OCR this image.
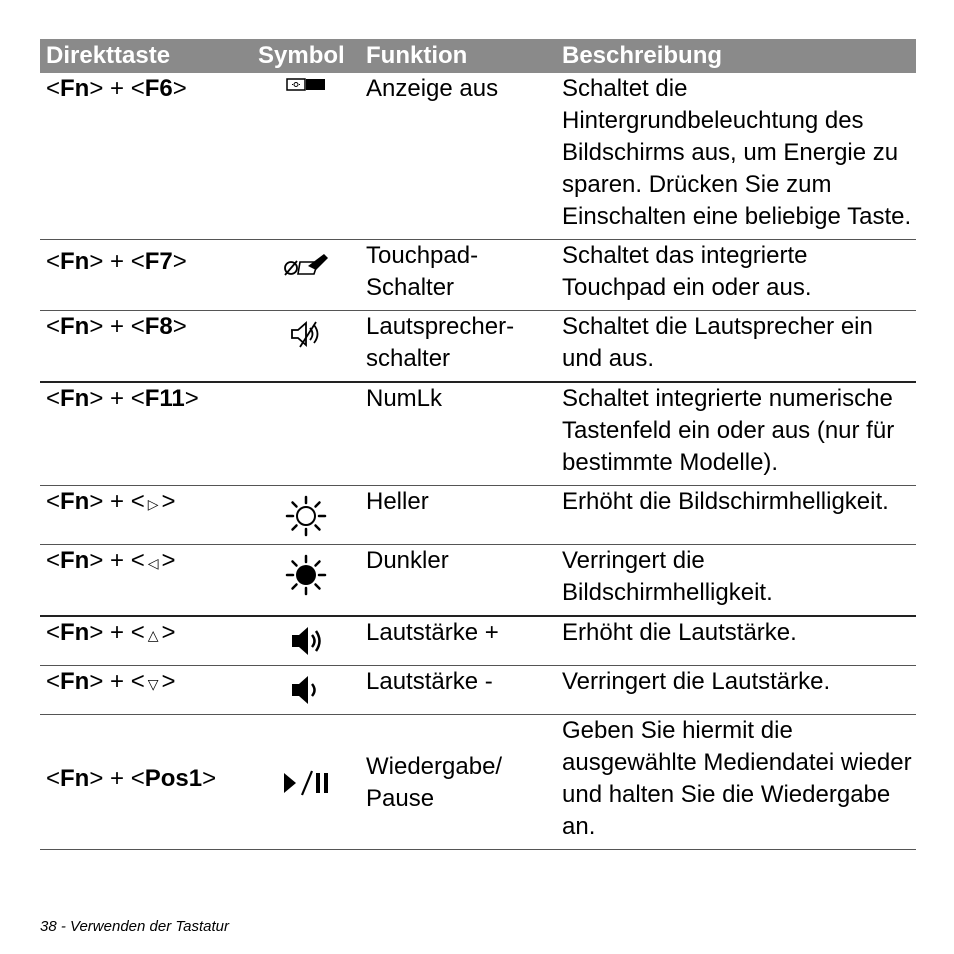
Direkttaste	Symbol	Funktion	Beschreibung
<Fn> + <F6>		Anzeige aus	Schaltet die Hintergrundbeleuchtung des Bildschirms aus, um Energie zu sparen. Drücken Sie zum Einschalten eine beliebige Taste.
<Fn> + <F7>		Touchpad-Schalter	Schaltet das integrierte Touchpad ein oder aus.
<Fn> + <F8>		Lautsprecher-schalter	Schaltet die Lautsprecher ein und aus.
<Fn> + <F11>		NumLk	Schaltet integrierte numerische Tastenfeld ein oder aus (nur für bestimmte Modelle).
<Fn> + < ▷ >		Heller	Erhöht die Bildschirmhelligkeit.
<Fn> + < ◁ >		Dunkler	Verringert die Bildschirmhelligkeit.
<Fn> + < △ >		Lautstärke +	Erhöht die Lautstärke.
<Fn> + < ▽ >		Lautstärke -	Verringert die Lautstärke.
<Fn> + <Pos1>		Wiedergabe/ Pause	Geben Sie hiermit die ausgewählte Mediendatei wieder und halten Sie die Wiedergabe an.
38 - Verwenden der Tastatur
